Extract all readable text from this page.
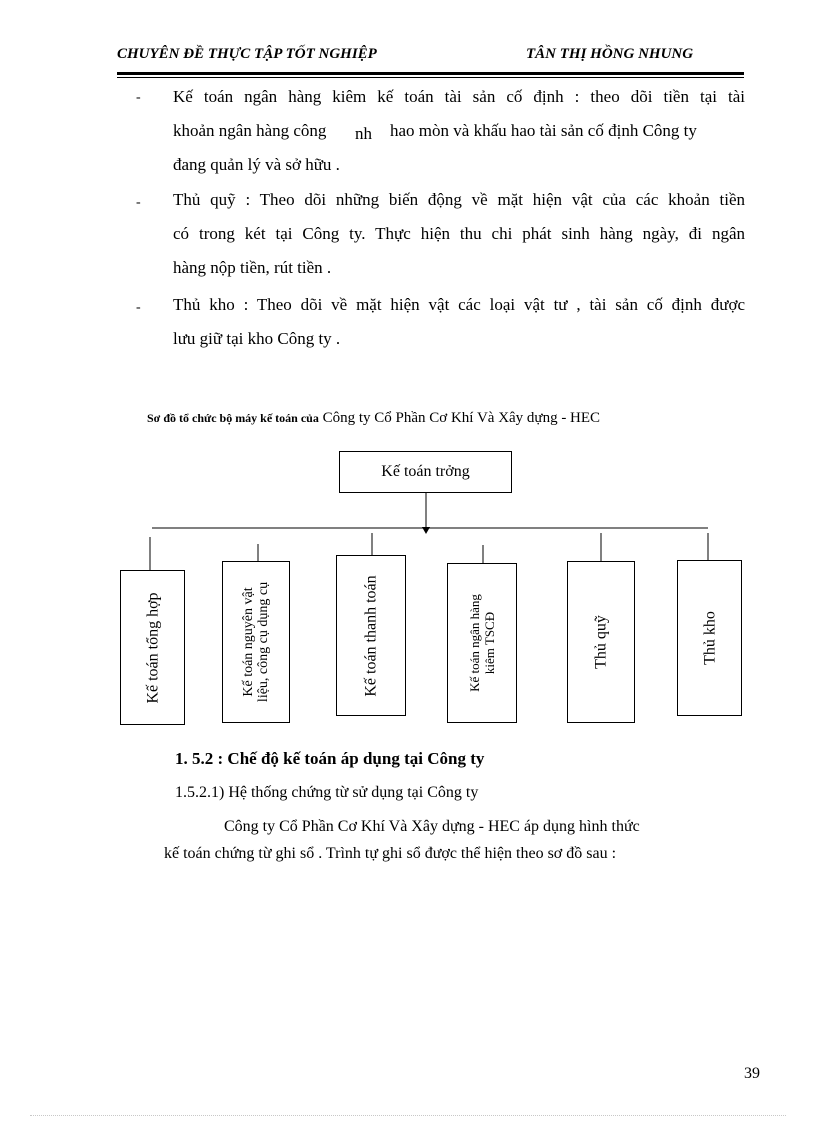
CHUYÊN ĐỀ THỰC TẬP TỐT NGHIỆP	TÂN THỊ HỒNG NHUNG
- Kế toán ngân hàng kiêm kế toán tài sản cố định : theo dõi tiền tại tài
khoản ngân hàng công nh hao mòn và khấu hao tài sản cố định Công ty
đang quản lý và sở hữu .
- Thủ quỹ : Theo dõi những biến động về mặt hiện vật của các khoản tiền
có trong két tại Công ty. Thực hiện thu chi phát sinh hàng ngày, đi ngân
hàng nộp tiền, rút tiền .
- Thủ kho : Theo dõi về mặt hiện vật các loại vật tư , tài sản cố định được
lưu giữ tại kho Công ty .
Sơ đồ tổ chức bộ máy kế toán của Công ty Cổ Phần Cơ Khí Và Xây dựng - HEC
Kế toán trởng
Kế toán tổng hợp	Kế toán nguyên vật liệu, công cụ dụng cụ	Kế toán thanh toán	Kế toán ngân hàng kiêm TSCĐ	Thủ quỹ	Thủ kho
1. 5.2 : Chế độ kế toán áp dụng tại Công ty
1.5.2.1) Hệ thống chứng từ sử dụng tại Công ty
Công ty Cổ Phần Cơ Khí Và Xây dựng - HEC áp dụng hình thức
kế toán chứng từ ghi sổ . Trình tự ghi sổ được thể hiện theo sơ đồ sau :
39
